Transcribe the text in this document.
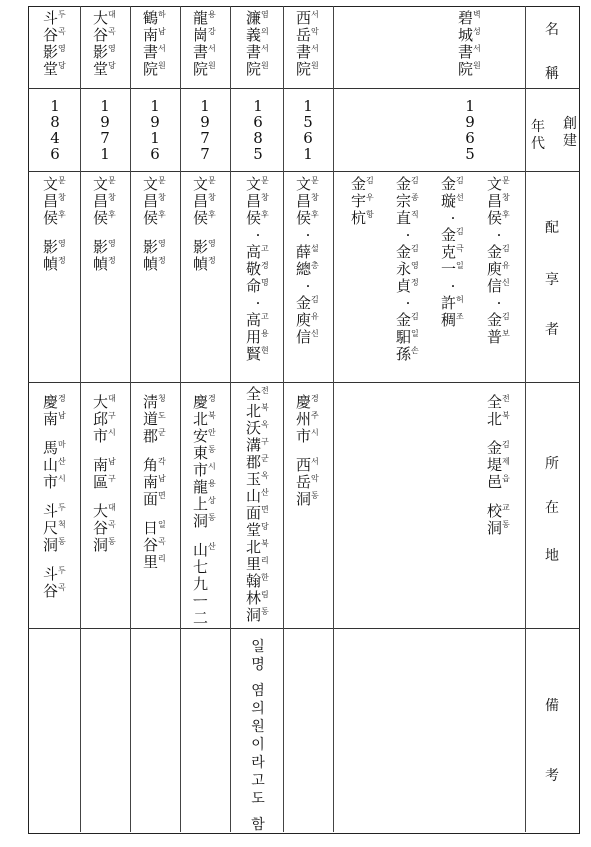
名
稱
創
建
年
代
配
享
者
所
在
地
備
考
碧 벽
城 성
書 서
院 원
1
9
6
5
文 문
昌 창
侯 후
·
金 김
庾 유
信 신
·
金 김
普 보
金 김
璇 선
·
金 김
克 극
一 일
·
許 허
稠 조
金 김
宗 종
直 직
·
金 김
永 영
貞 정
·
金 김
馹 일
孫 손
金 김
宇 우
杭 항
全 전
北 북
金 김
堤 제
邑 읍
校 교
洞 동
西 서
岳 악
書 서
院 원
1
5
6
1
文 문
昌 창
侯 후
·
薛 설
總 총
·
金 김
庾 유
信 신
慶 경
州 주
市 시
西 서
岳 악
洞 동
濂 염
義 의
書 서
院 원
1
6
8
5
文 문
昌 창
侯 후
·
高 고
敬 경
命 명
·
高 고
用 용
賢 현
全 전
北 북
沃 옥
溝 구
郡 군
玉 옥
山 산
面 면
堂 당
北 북
里 리
翰 한
林 림
洞 동
일
명

염
의
원
이
라
고
도

함
龍 용
崗 강
書 서
院 원
1
9
7
7
文 문
昌 창
侯 후
影 영
幀 정
慶 경
北 북
安 안
東 동
市 시
龍 용
上 상
洞 동
山 산
七
九
ㅡ
二
鶴 하
南 남
書 서
院 원
1
9
1
6
文 문
昌 창
侯 후
影 영
幀 정
淸 청
道 도
郡 군
角 각
南 남
面 면
日 일
谷 곡
里 리
大 대
谷 곡
影 영
堂 당
1
9
7
1
文 문
昌 창
侯 후
影 영
幀 정
大 대
邱 구
市 시
南 남
區 구
大 대
谷 곡
洞 동
斗 두
谷 곡
影 영
堂 당
1
8
4
6
文 문
昌 창
侯 후
影 영
幀 정
慶 경
南 남
馬 마
山 산
市 시
斗 두
尺 척
洞 동
斗 두
谷 곡
